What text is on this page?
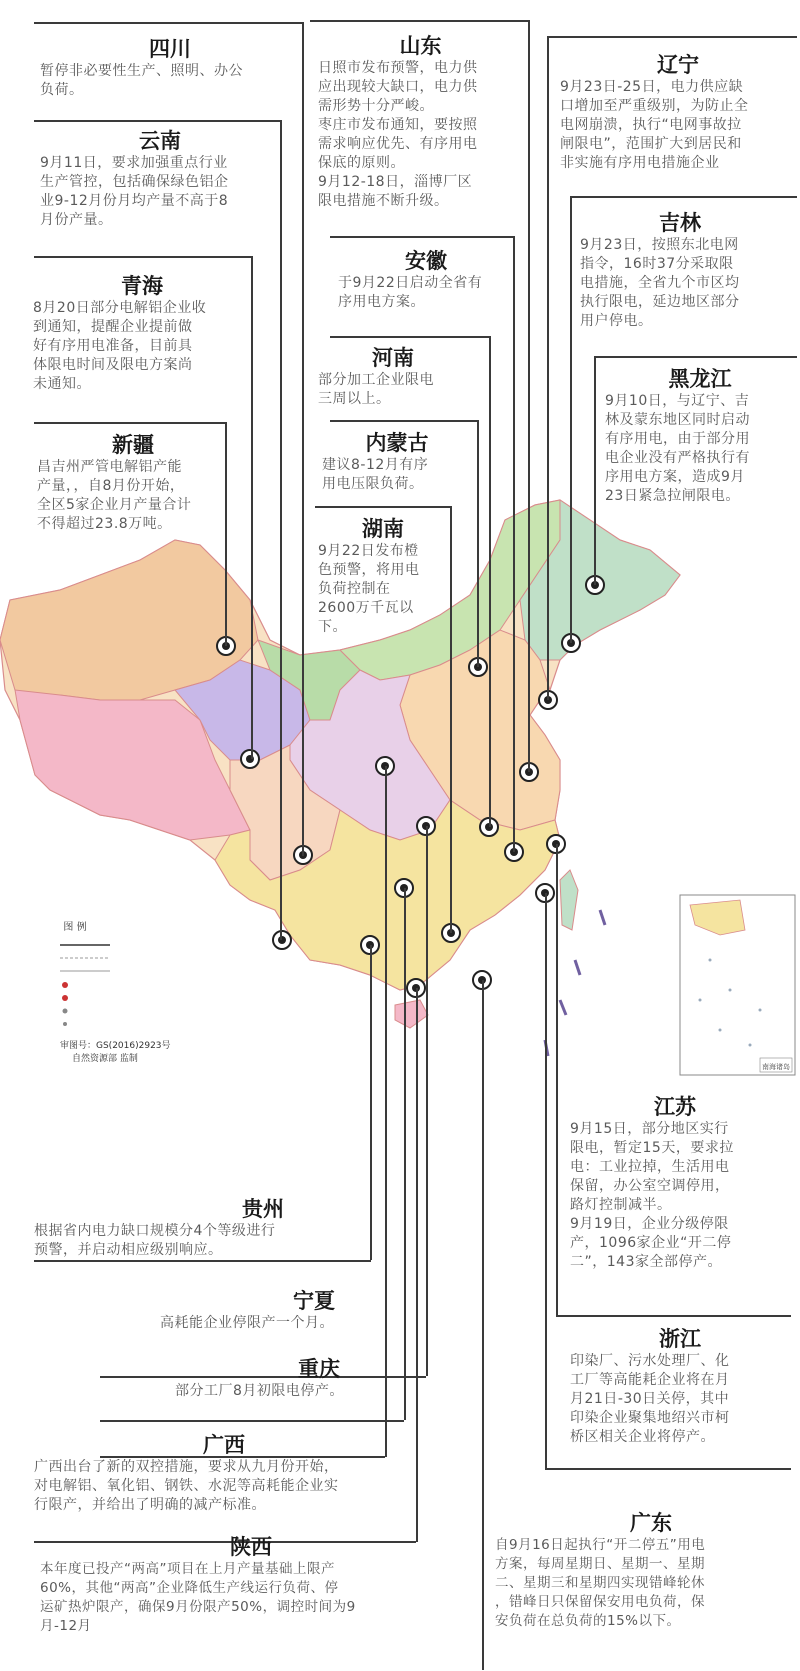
南海诸岛
图 例
审图号：GS(2016)2923号
自然资源部 监制
四川
暂停非必要性生产、照明、办公
负荷。
云南
9月11日，要求加强重点行业
生产管控，包括确保绿色铝企
业9-12月份月均产量不高于8
月份产量。
青海
8月20日部分电解铝企业收
到通知，提醒企业提前做
好有序用电准备，目前具
体限电时间及限电方案尚
未通知。
新疆
昌吉州严管电解铝产能
产量，，自8月份开始，
全区5家企业月产量合计
不得超过23.8万吨。
山东
日照市发布预警，电力供
应出现较大缺口，电力供
需形势十分严峻。
枣庄市发布通知，要按照
需求响应优先、有序用电
保底的原则。
9月12-18日，淄博厂区
限电措施不断升级。
安徽
于9月22日启动全省有
序用电方案。
河南
部分加工企业限电
三周以上。
内蒙古
建议8-12月有序
用电压限负荷。
湖南
9月22日发布橙
色预警，将用电
负荷控制在
2600万千瓦以
下。
辽宁
9月23日-25日，电力供应缺
口增加至严重级别，为防止全
电网崩溃，执行“电网事故拉
闸限电”，范围扩大到居民和
非实施有序用电措施企业
吉林
9月23日，按照东北电网
指令，16时37分采取限
电措施，全省九个市区均
执行限电，延边地区部分
用户停电。
黑龙江
9月10日，与辽宁、吉
林及蒙东地区同时启动
有序用电，由于部分用
电企业没有严格执行有
序用电方案，造成9月
23日紧急拉闸限电。
江苏
9月15日，部分地区实行
限电，暂定15天，要求拉
电：工业拉掉，生活用电
保留，办公室空调停用，
路灯控制减半。
9月19日，企业分级停限
产，1096家企业“开二停
二”，143家全部停产。
浙江
印染厂、污水处理厂、化
工厂等高能耗企业将在月
月21日-30日关停，其中
印染企业聚集地绍兴市柯
桥区相关企业将停产。
贵州
根据省内电力缺口规模分4个等级进行
预警，并启动相应级别响应。
宁夏
高耗能企业停限产一个月。
重庆
部分工厂8月初限电停产。
广西
广西出台了新的双控措施，要求从九月份开始，
对电解铝、氧化铝、钢铁、水泥等高耗能企业实
行限产，并给出了明确的减产标准。
陕西
本年度已投产“两高”项目在上月产量基础上限产
60%，其他“两高”企业降低生产线运行负荷、停
运矿热炉限产，确保9月份限产50%，调控时间为9
月-12月
广东
自9月16日起执行“开二停五”用电
方案，每周星期日、星期一、星期
二、星期三和星期四实现错峰轮休
，错峰日只保留保安用电负荷，保
安负荷在总负荷的15%以下。
